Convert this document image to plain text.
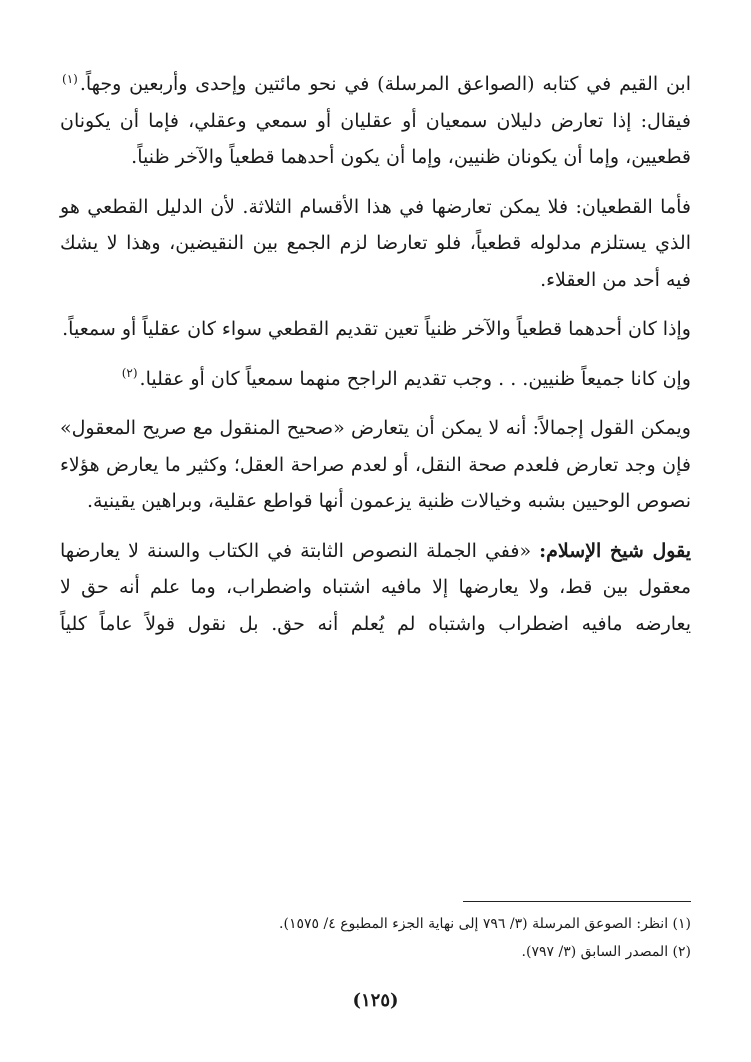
ابن القيم في كتابه (الصواعق المرسلة) في نحو مائتين وإحدى وأربعين وجهاً.$^{(١)}$ فيقال: إذا تعارض دليلان سمعيان أو عقليان أو سمعي وعقلي، فإما أن يكونان قطعيين، وإما أن يكونان ظنيين، وإما أن يكون أحدهما قطعياً والآخر ظنياً.

فأما القطعيان: فلا يمكن تعارضها في هذا الأقسام الثلاثة. لأن الدليل القطعي هو الذي يستلزم مدلوله قطعياً، فلو تعارضا لزم الجمع بين النقيضين، وهذا لا يشك فيه أحد من العقلاء.

وإذا كان أحدهما قطعياً والآخر ظنياً تعين تقديم القطعي سواء كان عقلياً أو سمعياً.

وإن كانا جميعاً ظنيين. . . وجب تقديم الراجح منهما سمعياً كان أو عقليا.$^{(٢)}$

ويمكن القول إجمالاً: أنه لا يمكن أن يتعارض «صحيح المنقول مع صريح المعقول» فإن وجد تعارض فلعدم صحة النقل، أو لعدم صراحة العقل؛ وكثير ما يعارض هؤلاء نصوص الوحيين بشبه وخيالات ظنية يزعمون أنها قواطع عقلية، وبراهين يقينية.

يقول شيخ الإسلام: «ففي الجملة النصوص الثابتة في الكتاب والسنة لا يعارضها معقول بين قط، ولا يعارضها إلا مافيه اشتباه واضطراب، وما علم أنه حق لا يعارضه مافيه اضطراب واشتباه لم يُعلم أنه حق. بل نقول قولاً عاماً كلياً

(١) انظر: الصوعق المرسلة (٣/ ٧٩٦ إلى نهاية الجزء المطبوع ٤/ ١٥٧٥).

(٢) المصدر السابق (٣/ ٧٩٧).

(١٢٥)
